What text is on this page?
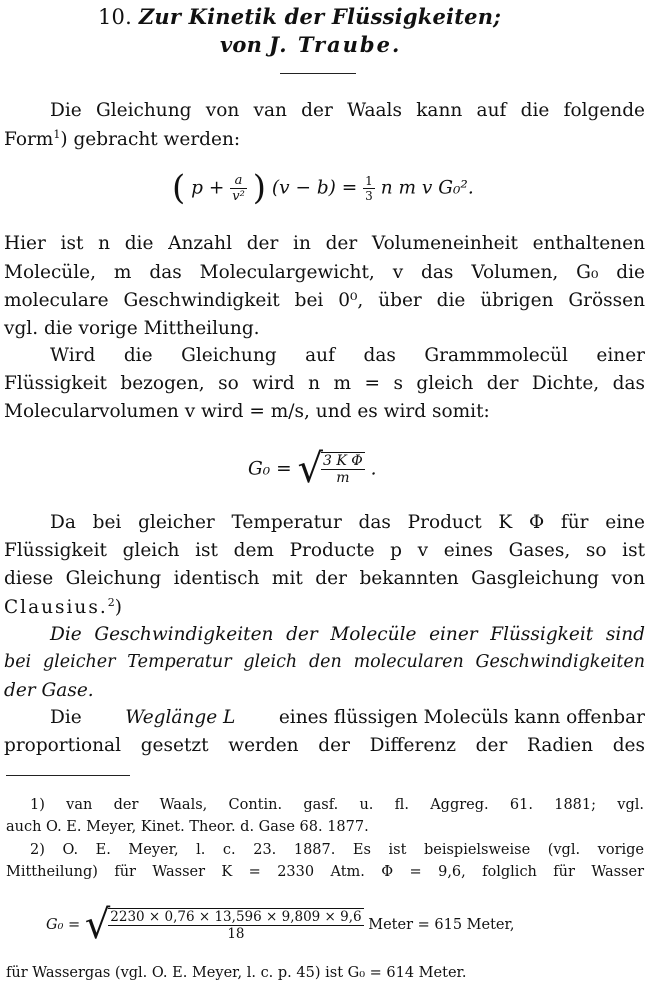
10. Zur Kinetik der Flüssigkeiten;
von J. Traube.
Die Gleichung von van der Waals kann auf die folgende
Form$^1$) gebracht werden:
( $p + \frac{a}{\text{v²}}$ ) $(v - b) = \frac{1}{3}$ n m v G₀².
Hier ist n die Anzahl der in der Volumeneinheit enthaltenen
Molecüle, m das Moleculargewicht, v das Volumen, G₀ die
moleculare Geschwindigkeit bei 0⁰, über die übrigen Grössen
vgl. die vorige Mittheilung.
Wird die Gleichung auf das Grammmolecül einer
Flüssigkeit bezogen, so wird n m = s gleich der Dichte, das
Molecularvolumen v wird = m/s, und es wird somit:
G₀ = √
$\frac{\text{3 K Φ}}{m}$ .
Da bei gleicher Temperatur das Product K Φ für eine
Flüssigkeit gleich ist dem Producte p v eines Gases, so ist
diese Gleichung identisch mit der bekannten Gasgleichung von
Clausius.$^2$)
Die Geschwindigkeiten der Molecüle einer Flüssigkeit sind
bei gleicher Temperatur gleich den molecularen Geschwindigkeiten
der Gase.
Die Weglänge L eines flüssigen Molecüls kann offenbar
proportional gesetzt werden der Differenz der Radien des
1) van der Waals, Contin. gasf. u. fl. Aggreg. 61. 1881; vgl.
auch O. E. Meyer, Kinet. Theor. d. Gase 68. 1877.
2) O. E. Meyer, l. c. 23. 1887. Es ist beispielsweise (vgl. vorige
Mittheilung) für Wasser K = 2330 Atm. Φ = 9,6, folglich für Wasser
G₀ = √
$\frac{2230 \times 0,76 \times 13,596 \times 9,809 \times 9,6}{18}$ Meter = 615 Meter,
für Wassergas (vgl. O. E. Meyer, l. c. p. 45) ist G₀ = 614 Meter.
